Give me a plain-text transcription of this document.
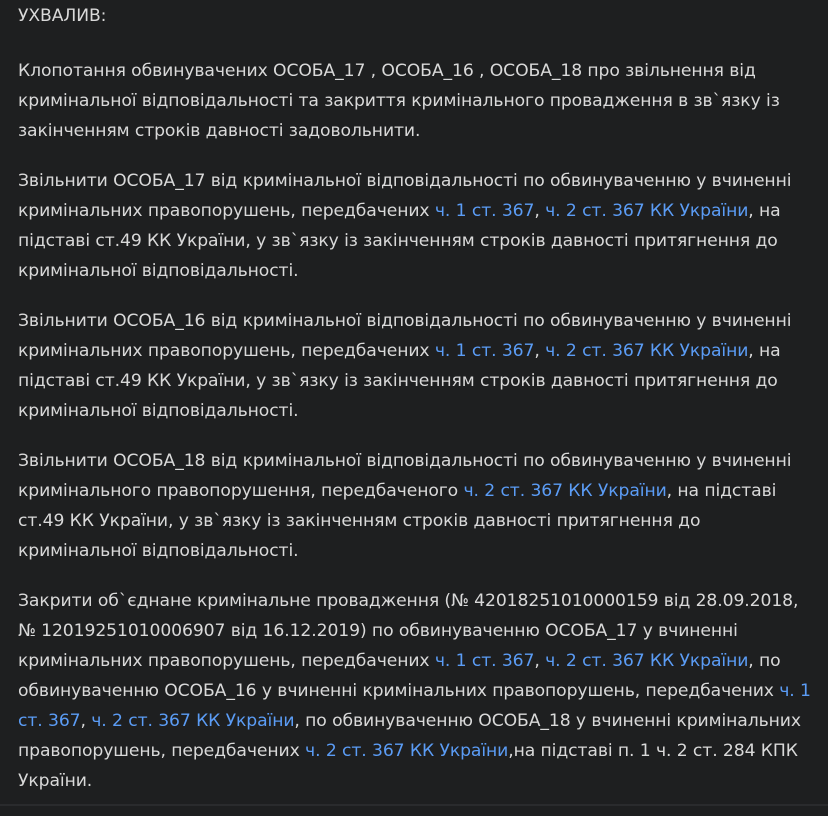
УХВАЛИВ:
Клопотання обвинувачених ОСОБА_17 , ОСОБА_16 , ОСОБА_18 про звільнення від кримінальної відповідальності та закриття кримінального провадження в зв`язку із закінченням строків давності задовольнити.
Звільнити ОСОБА_17 від кримінальної відповідальності по обвинуваченню у вчиненні кримінальних правопорушень, передбачених ч. 1 ст. 367, ч. 2 ст. 367 КК України, на підставі ст.49 КК України, у зв`язку із закінченням строків давності притягнення до кримінальної відповідальності.
Звільнити ОСОБА_16 від кримінальної відповідальності по обвинуваченню у вчиненні кримінальних правопорушень, передбачених ч. 1 ст. 367, ч. 2 ст. 367 КК України, на підставі ст.49 КК України, у зв`язку із закінченням строків давності притягнення до кримінальної відповідальності.
Звільнити ОСОБА_18 від кримінальної відповідальності по обвинуваченню у вчиненні кримінального правопорушення, передбаченого ч. 2 ст. 367 КК України, на підставі ст.49 КК України, у зв`язку із закінченням строків давності притягнення до кримінальної відповідальності.
Закрити об`єднане кримінальне провадження (№ 42018251010000159 від 28.09.2018, № 12019251010006907 від 16.12.2019) по обвинуваченню ОСОБА_17 у вчиненні кримінальних правопорушень, передбачених ч. 1 ст. 367, ч. 2 ст. 367 КК України, по обвинуваченню ОСОБА_16 у вчиненні кримінальних правопорушень, передбачених ч. 1 ст. 367, ч. 2 ст. 367 КК України, по обвинуваченню ОСОБА_18 у вчиненні кримінальних правопорушень, передбачених ч. 2 ст. 367 КК України,на підставі п. 1 ч. 2 ст. 284 КПК України.
